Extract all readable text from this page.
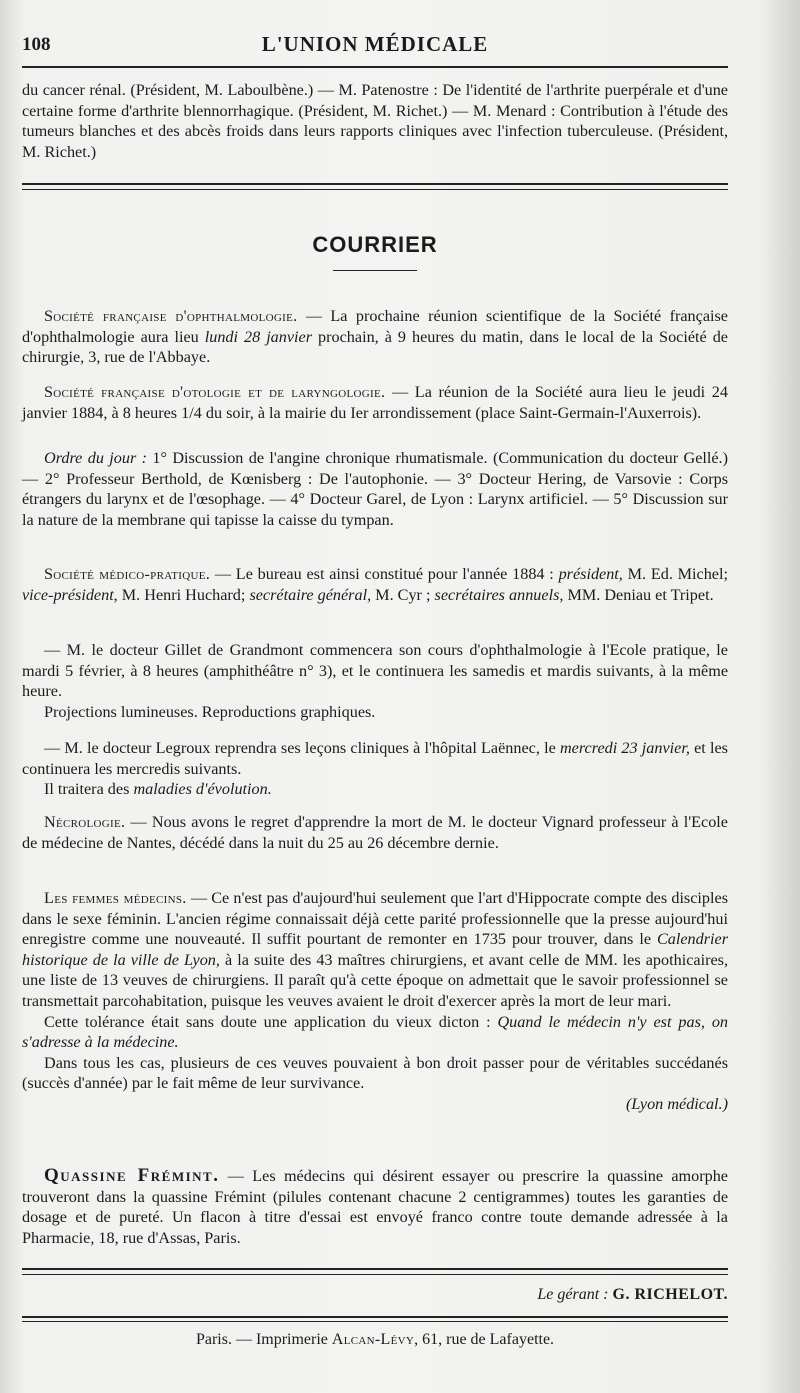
108	L'UNION MÉDICALE

du cancer rénal. (Président, M. Laboulbène.) — M. Patenostre : De l'identité de l'arthrite puerpérale et d'une certaine forme d'arthrite blennorrhagique. (Président, M. Richet.) — M. Menard : Contribution à l'étude des tumeurs blanches et des abcès froids dans leurs rapports cliniques avec l'infection tuberculeuse. (Président, M. Richet.)

COURRIER

Société française d'ophthalmologie. — La prochaine réunion scientifique de la Société française d'ophthalmologie aura lieu lundi 28 janvier prochain, à 9 heures du matin, dans le local de la Société de chirurgie, 3, rue de l'Abbaye.

Société française d'otologie et de laryngologie. — La réunion de la Société aura lieu le jeudi 24 janvier 1884, à 8 heures 1/4 du soir, à la mairie du Ier arrondissement (place Saint-Germain-l'Auxerrois).

Ordre du jour : 1° Discussion de l'angine chronique rhumatismale. (Communication du docteur Gellé.) — 2° Professeur Berthold, de Kœnisberg : De l'autophonie. — 3° Docteur Hering, de Varsovie : Corps étrangers du larynx et de l'œsophage. — 4° Docteur Garel, de Lyon : Larynx artificiel. — 5° Discussion sur la nature de la membrane qui tapisse la caisse du tympan.

Société médico-pratique. — Le bureau est ainsi constitué pour l'année 1884 : président, M. Ed. Michel; vice-président, M. Henri Huchard; secrétaire général, M. Cyr ; secrétaires annuels, MM. Deniau et Tripet.

— M. le docteur Gillet de Grandmont commencera son cours d'ophthalmologie à l'Ecole pratique, le mardi 5 février, à 8 heures (amphithéâtre n° 3), et le continuera les samedis et mardis suivants, à la même heure.

Projections lumineuses. Reproductions graphiques.

— M. le docteur Legroux reprendra ses leçons cliniques à l'hôpital Laënnec, le mercredi 23 janvier, et les continuera les mercredis suivants.

Il traitera des maladies d'évolution.

Nécrologie. — Nous avons le regret d'apprendre la mort de M. le docteur Vignard professeur à l'Ecole de médecine de Nantes, décédé dans la nuit du 25 au 26 décembre dernie.

Les femmes médecins. — Ce n'est pas d'aujourd'hui seulement que l'art d'Hippocrate compte des disciples dans le sexe féminin. L'ancien régime connaissait déjà cette parité professionnelle que la presse aujourd'hui enregistre comme une nouveauté. Il suffit pourtant de remonter en 1735 pour trouver, dans le Calendrier historique de la ville de Lyon, à la suite des 43 maîtres chirurgiens, et avant celle de MM. les apothicaires, une liste de 13 veuves de chirurgiens. Il paraît qu'à cette époque on admettait que le savoir professionnel se transmettait parcohabitation, puisque les veuves avaient le droit d'exercer après la mort de leur mari.

Cette tolérance était sans doute une application du vieux dicton : Quand le médecin n'y est pas, on s'adresse à la médecine.

Dans tous les cas, plusieurs de ces veuves pouvaient à bon droit passer pour de véritables succédanés (succès d'année) par le fait même de leur survivance.

(Lyon médical.)

Quassine Frémint. — Les médecins qui désirent essayer ou prescrire la quassine amorphe trouveront dans la quassine Frémint (pilules contenant chacune 2 centigrammes) toutes les garanties de dosage et de pureté. Un flacon à titre d'essai est envoyé franco contre toute demande adressée à la Pharmacie, 18, rue d'Assas, Paris.

Le gérant : G. RICHELOT.
Paris. — Imprimerie Alcan-Lévy, 61, rue de Lafayette.
